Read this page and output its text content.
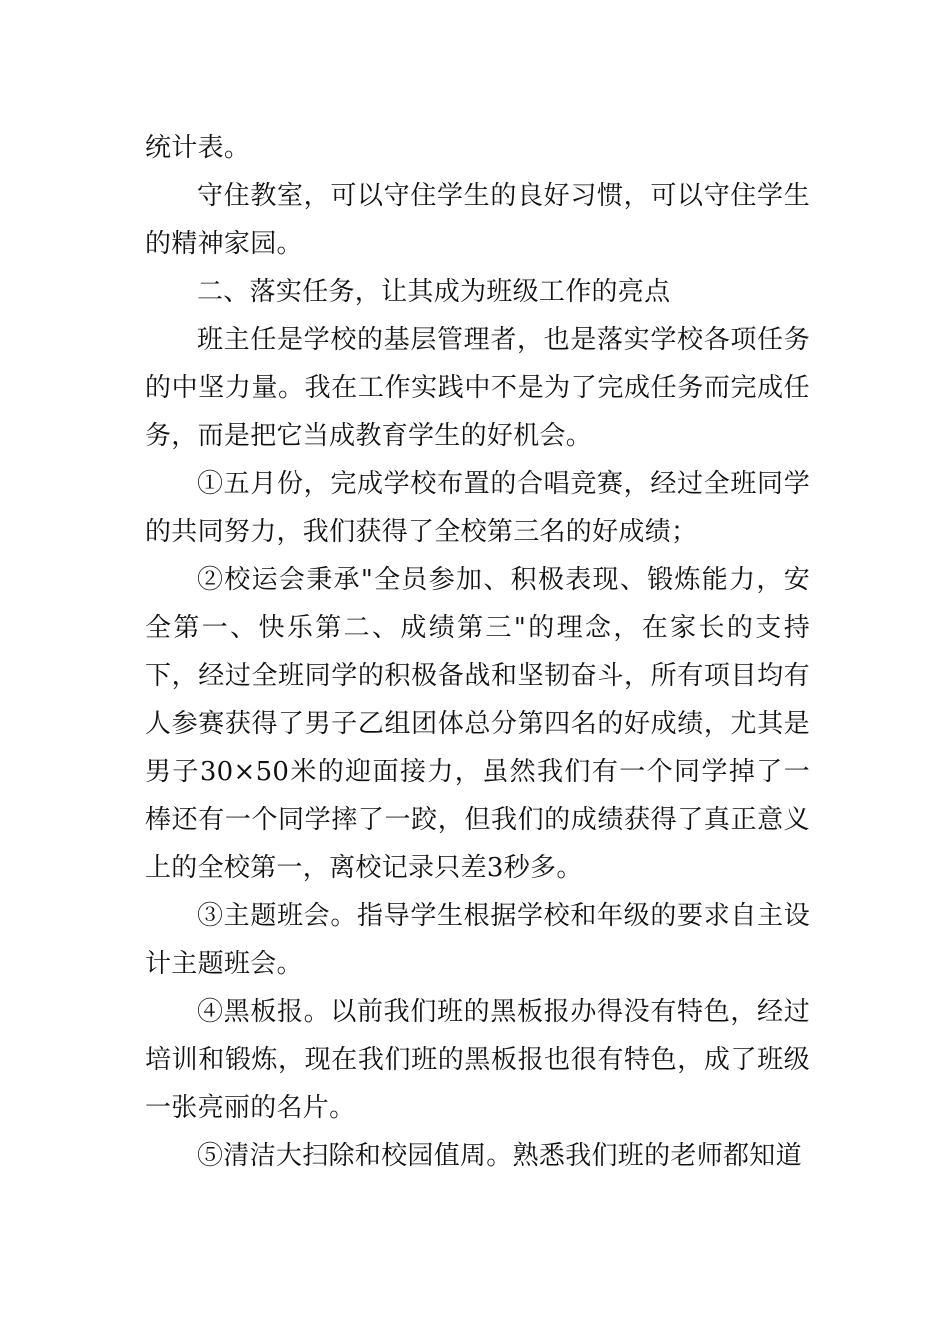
统计表。

守住教室，可以守住学生的良好习惯，可以守住学生的精神家园。

二、落实任务，让其成为班级工作的亮点

班主任是学校的基层管理者，也是落实学校各项任务的中坚力量。我在工作实践中不是为了完成任务而完成任务，而是把它当成教育学生的好机会。

①五月份，完成学校布置的合唱竞赛，经过全班同学的共同努力，我们获得了全校第三名的好成绩；

②校运会秉承"全员参加、积极表现、锻炼能力，安全第一、快乐第二、成绩第三"的理念，在家长的支持下，经过全班同学的积极备战和坚韧奋斗，所有项目均有人参赛获得了男子乙组团体总分第四名的好成绩，尤其是男子30×50米的迎面接力，虽然我们有一个同学掉了一棒还有一个同学摔了一跤，但我们的成绩获得了真正意义上的全校第一，离校记录只差3秒多。

③主题班会。指导学生根据学校和年级的要求自主设计主题班会。

④黑板报。以前我们班的黑板报办得没有特色，经过培训和锻炼，现在我们班的黑板报也很有特色，成了班级一张亮丽的名片。

⑤清洁大扫除和校园值周。熟悉我们班的老师都知道
